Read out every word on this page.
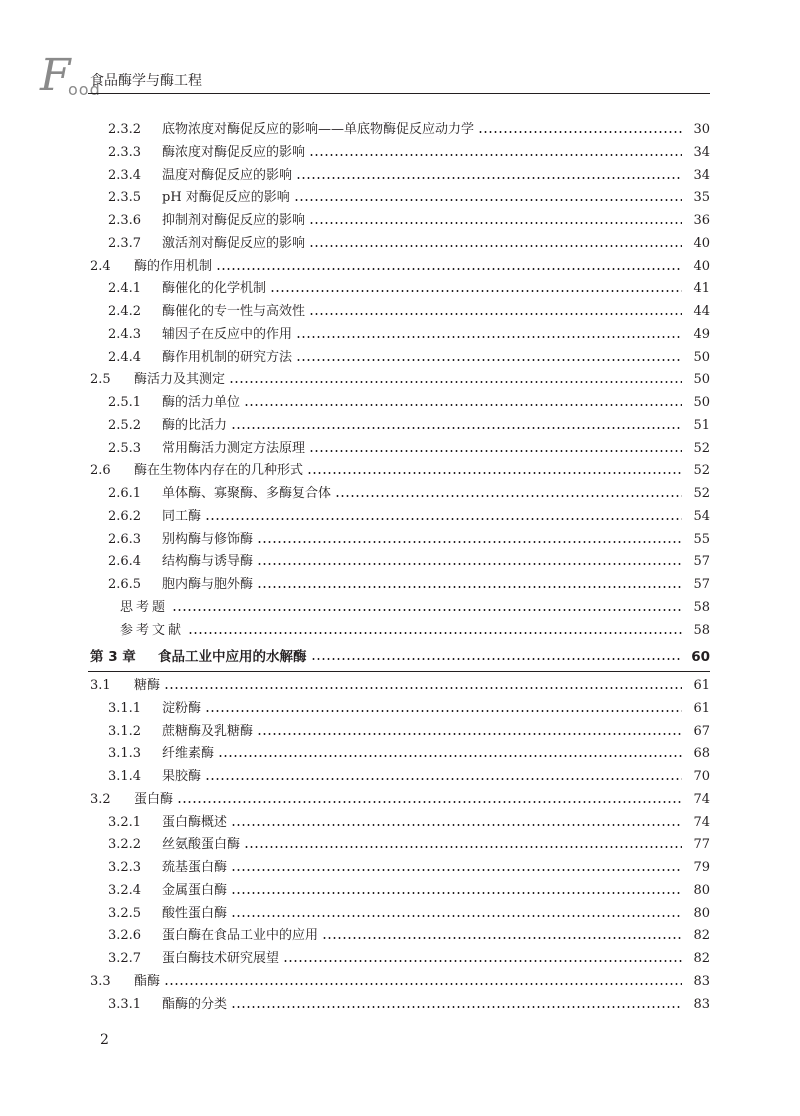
F
ood
食品酶学与酶工程
2.3.2	底物浓度对酶促反应的影响——单底物酶促反应动力学	30
2.3.3	酶浓度对酶促反应的影响	34
2.3.4	温度对酶促反应的影响	34
2.3.5	pH 对酶促反应的影响	35
2.3.6	抑制剂对酶促反应的影响	36
2.3.7	激活剂对酶促反应的影响	40
2.4	酶的作用机制	40
2.4.1	酶催化的化学机制	41
2.4.2	酶催化的专一性与高效性	44
2.4.3	辅因子在反应中的作用	49
2.4.4	酶作用机制的研究方法	50
2.5	酶活力及其测定	50
2.5.1	酶的活力单位	50
2.5.2	酶的比活力	51
2.5.3	常用酶活力测定方法原理	52
2.6	酶在生物体内存在的几种形式	52
2.6.1	单体酶、寡聚酶、多酶复合体	52
2.6.2	同工酶	54
2.6.3	别构酶与修饰酶	55
2.6.4	结构酶与诱导酶	57
2.6.5	胞内酶与胞外酶	57
思考题	58
参考文献	58
第 3 章	食品工业中应用的水解酶	60
3.1	糖酶	61
3.1.1	淀粉酶	61
3.1.2	蔗糖酶及乳糖酶	67
3.1.3	纤维素酶	68
3.1.4	果胶酶	70
3.2	蛋白酶	74
3.2.1	蛋白酶概述	74
3.2.2	丝氨酸蛋白酶	77
3.2.3	巯基蛋白酶	79
3.2.4	金属蛋白酶	80
3.2.5	酸性蛋白酶	80
3.2.6	蛋白酶在食品工业中的应用	82
3.2.7	蛋白酶技术研究展望	82
3.3	酯酶	83
3.3.1	酯酶的分类	83
2
